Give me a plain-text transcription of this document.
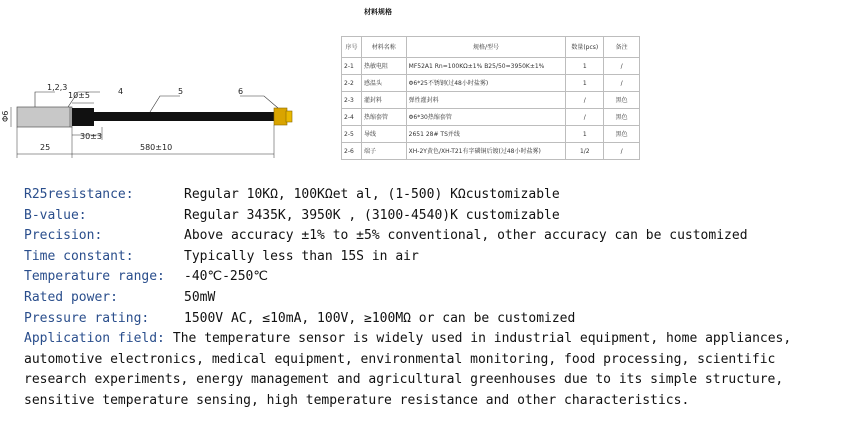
1,2,3	4	5	6
10±5
30±3
25	580±10
Φ6
材料规格
序号	材料名称	规格/型号	数量(pcs)	备注
2-1	热敏电阻	MF52A1 Rn=100KΩ±1% B25/50=3950K±1%	1	/
2-2	感温头	Φ6*25不锈钢(过48小时盐雾)	1	/
2-3	灌封料	弹性灌封料	/	黑色
2-4	热缩套管	Φ6*30热缩套管	/	黑色
2-5	导线	2651 28# TS并线	1	黑色
2-6	端子	XH-2Y黄色/XH-T21有字磷铜后镀(过48小时盐雾)	1/2	/
R25resistance:	Regular 10KΩ, 100KΩet al, (1-500) KΩcustomizable
B-value:	Regular 3435K, 3950K , (3100-4540)K customizable
Precision:	Above accuracy ±1% to ±5% conventional, other accuracy can be customized
Time constant:	Typically less than 15S in air
Temperature range: -40℃-250℃
Rated power:	50mW
Pressure rating:	1500V AC, ≤10mA, 100V, ≥100MΩ or can be customized
Application field: The temperature sensor is widely used in industrial equipment, home appliances, automotive electronics, medical equipment, environmental monitoring, food processing, scientific research experiments, energy management and agricultural greenhouses due to its simple structure, sensitive temperature sensing, high temperature resistance and other characteristics.
